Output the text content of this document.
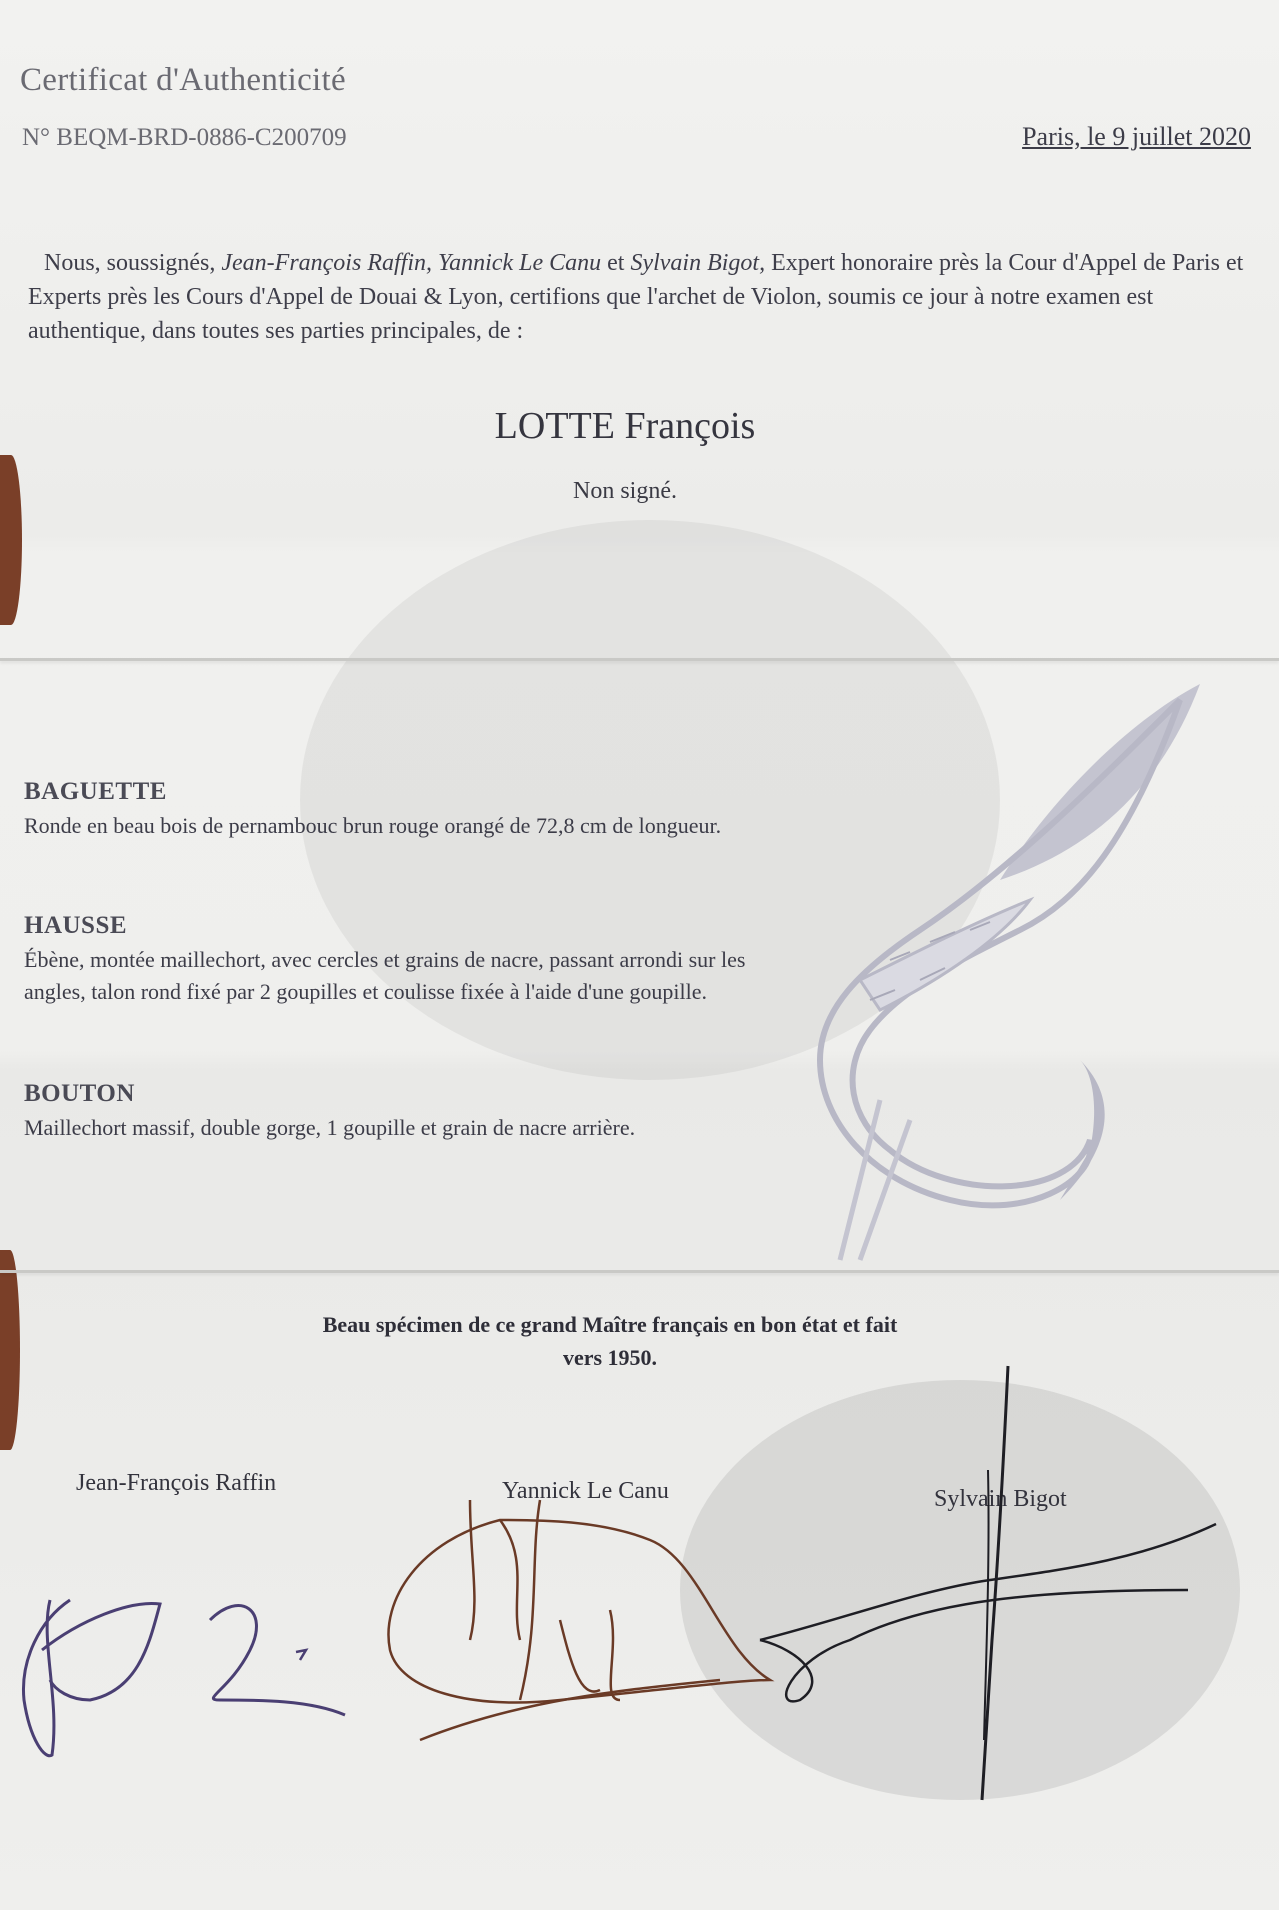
Certificat d'Authenticité
N° BEQM-BRD-0886-C200709	Paris, le 9 juillet 2020
Nous, soussignés, Jean-François Raffin, Yannick Le Canu et Sylvain Bigot, Expert honoraire près la Cour d'Appel de Paris et Experts près les Cours d'Appel de Douai & Lyon, certifions que l'archet de Violon, soumis ce jour à notre examen est authentique, dans toutes ses parties principales, de :
LOTTE François
Non signé.
BAGUETTE

Ronde en beau bois de pernambouc brun rouge orangé de 72,8 cm de longueur.

HAUSSE

Ébène, montée maillechort, avec cercles et grains de nacre, passant arrondi sur les angles, talon rond fixé par 2 goupilles et coulisse fixée à l'aide d'une goupille.

BOUTON

Maillechort massif, double gorge, 1 goupille et grain de nacre arrière.

Beau spécimen de ce grand Maître français en bon état et fait
vers 1950.
Jean-François Raffin	Yannick Le Canu	Sylvain Bigot
